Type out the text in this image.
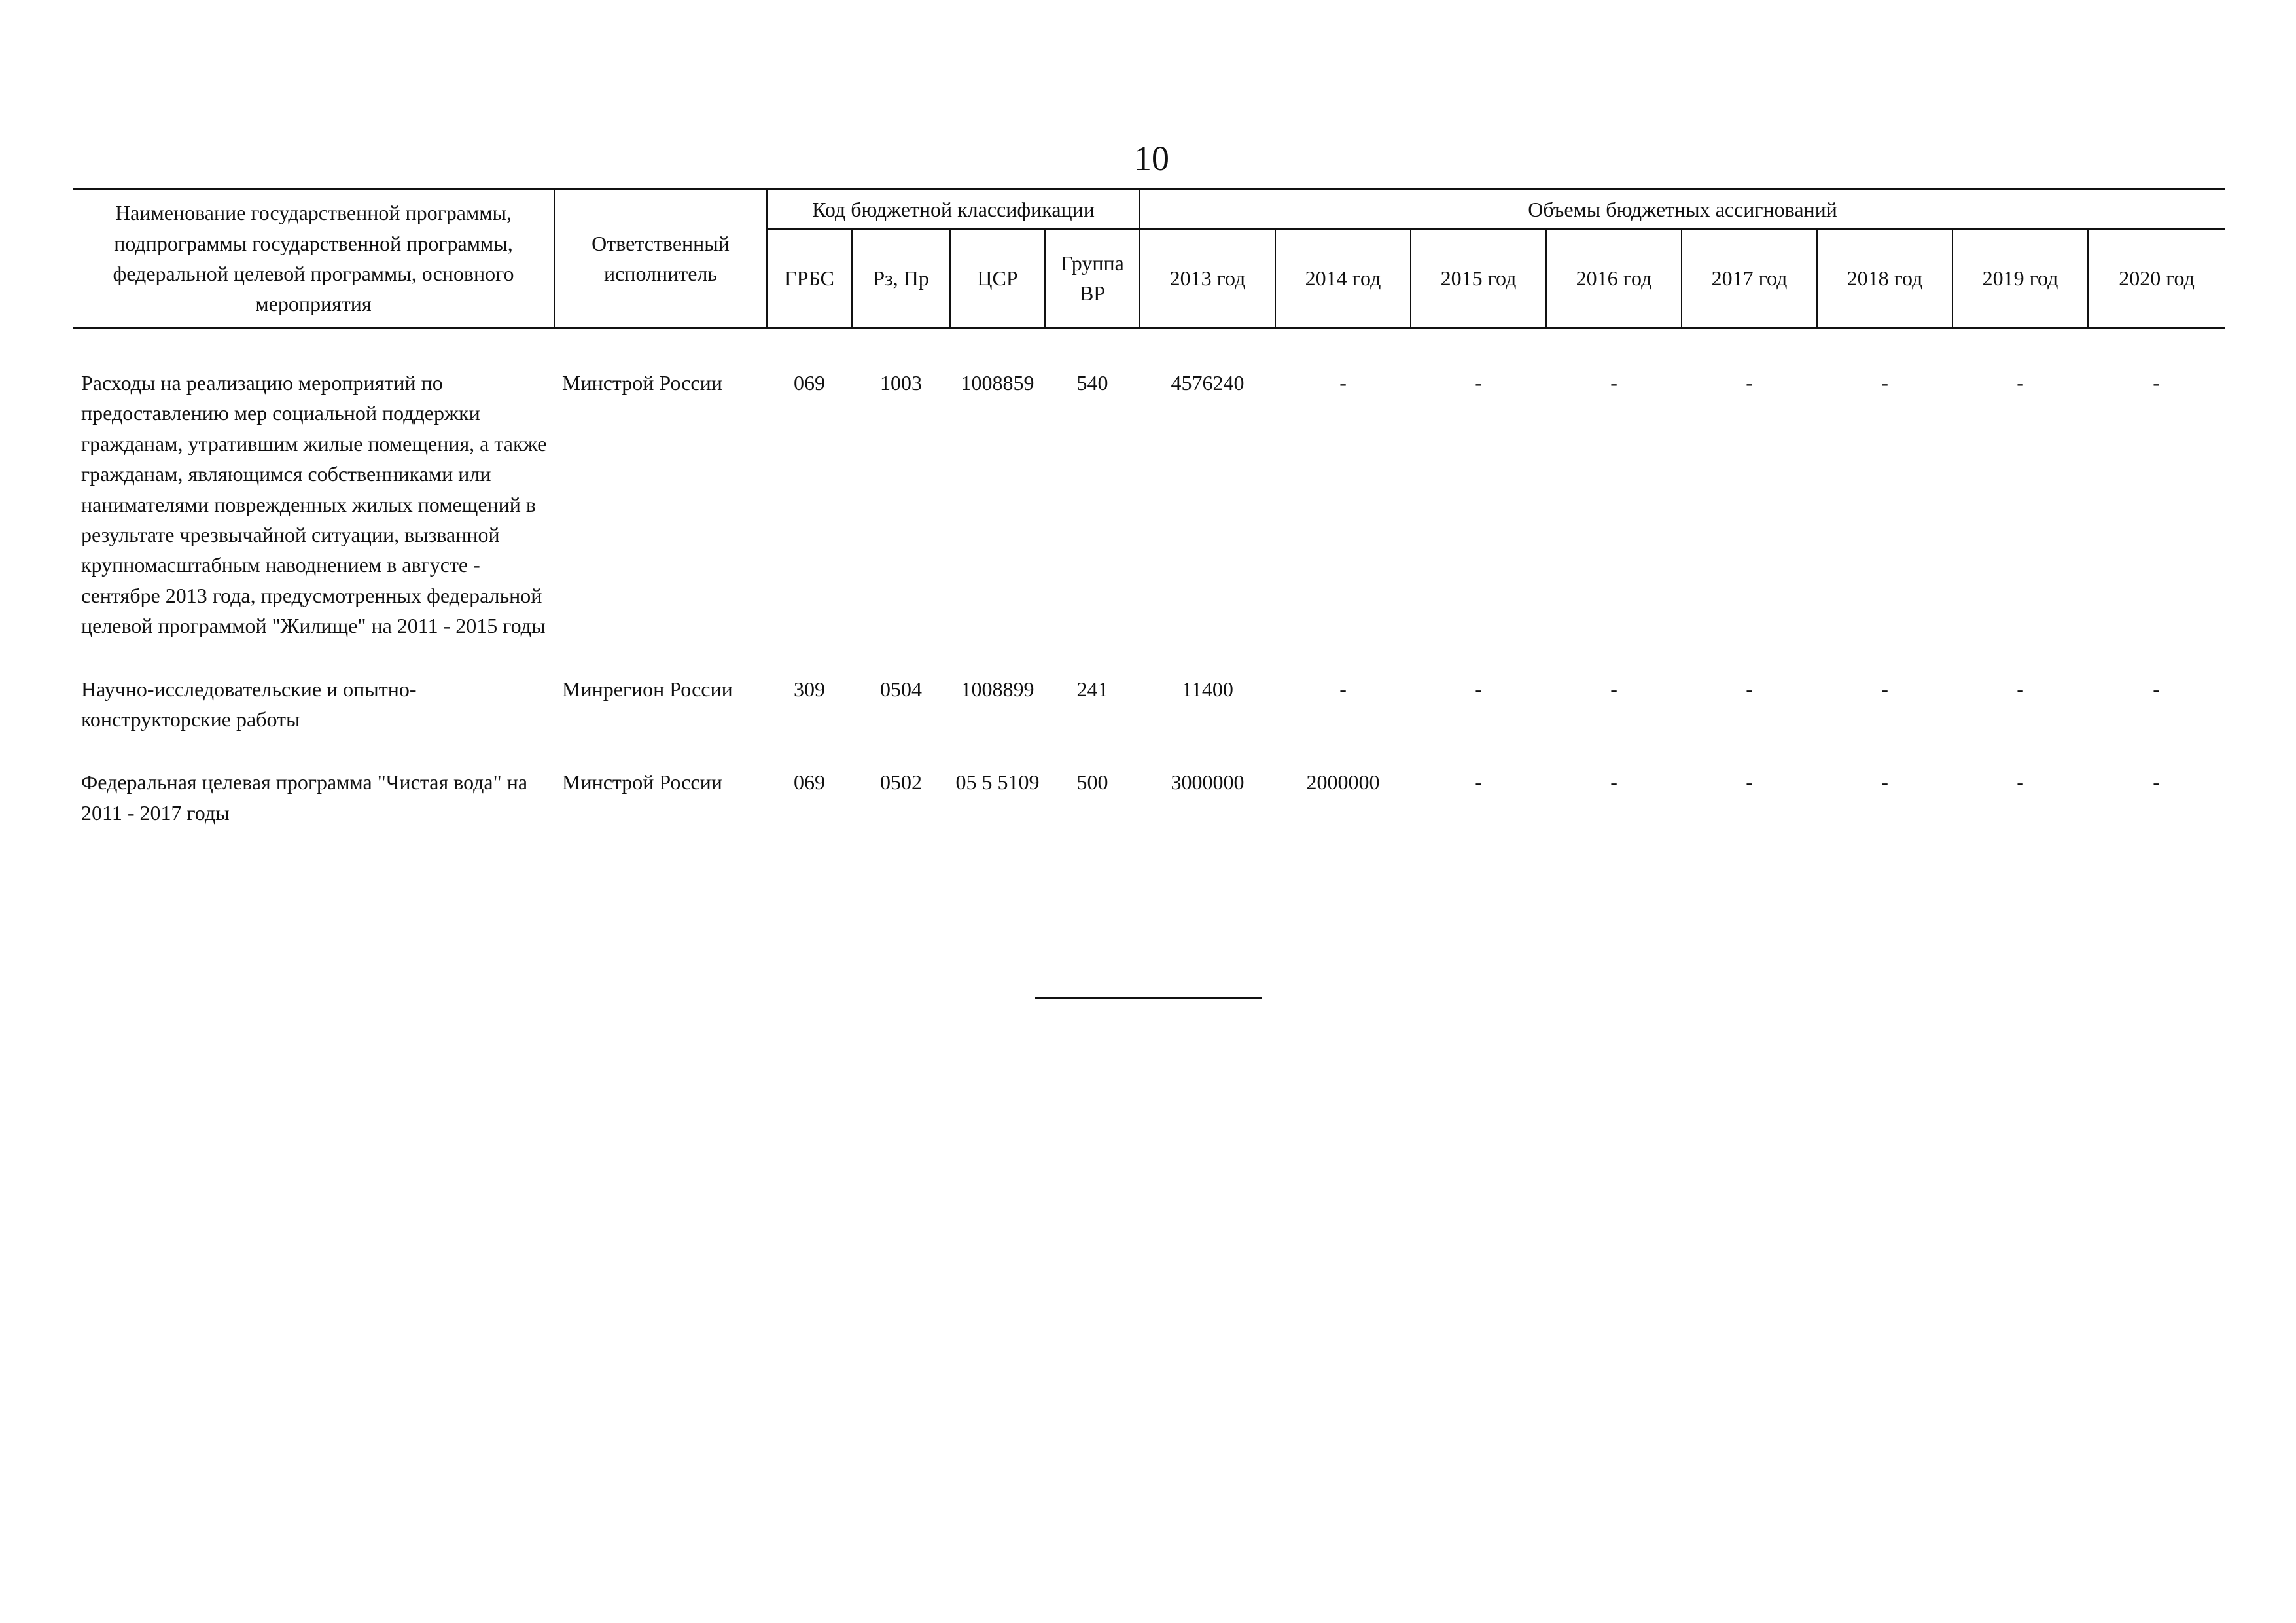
10
Наименование государственной программы, подпрограммы государственной программы, федеральной целевой программы, основного мероприятия	Ответственный исполнитель	Код бюджетной классификации				Объемы бюджетных ассигнований							
		ГРБС	Рз, Пр	ЦСР	Группа ВР	2013 год	2014 год	2015 год	2016 год	2017 год	2018 год	2019 год	2020 год
Расходы на реализацию мероприятий по предоставлению мер социальной поддержки гражданам, утратившим жилые помещения, а также гражданам, являющимся собственниками или нанимателями поврежденных жилых помещений в результате чрезвычайной ситуации, вызванной крупномасштабным наводнением в августе - сентябре 2013 года, предусмотренных федеральной целевой программой "Жилище" на 2011 - 2015 годы	Минстрой России	069	1003	1008859	540	4576240	-	-	-	-	-	-	-
Научно-исследовательские и опытно-конструкторские работы	Минрегион России	309	0504	1008899	241	11400	-	-	-	-	-	-	-
Федеральная целевая программа "Чистая вода" на 2011 - 2017 годы	Минстрой России	069	0502	05 5 5109	500	3000000	2000000	-	-	-	-	-	-
